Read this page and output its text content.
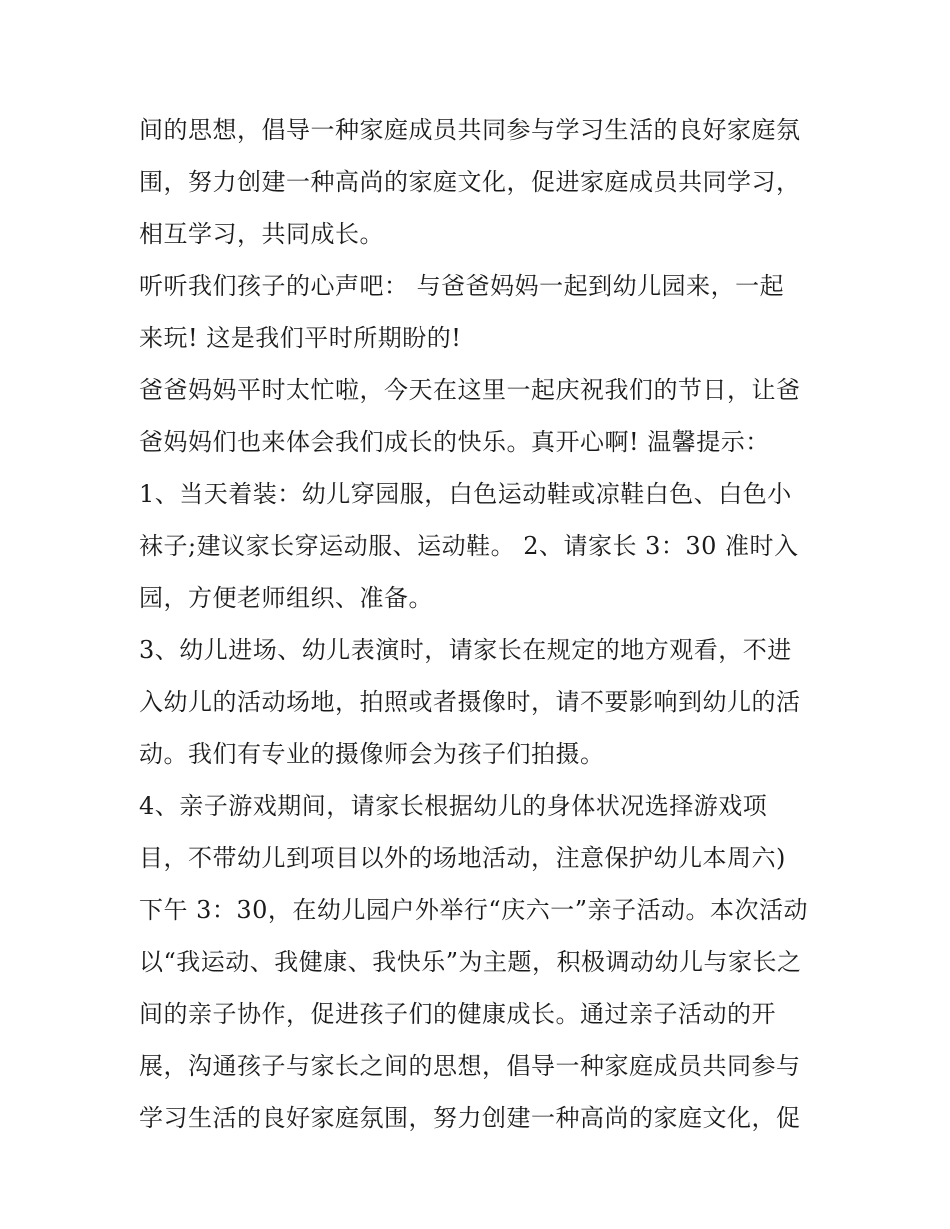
间的思想，倡导一种家庭成员共同参与学习生活的良好家庭氛
围，努力创建一种高尚的家庭文化，促进家庭成员共同学习，
相互学习，共同成长。
听听我们孩子的心声吧： 与爸爸妈妈一起到幼儿园来，一起
来玩! 这是我们平时所期盼的!
爸爸妈妈平时太忙啦，今天在这里一起庆祝我们的节日，让爸
爸妈妈们也来体会我们成长的快乐。真开心啊! 温馨提示：
1、当天着装：幼儿穿园服，白色运动鞋或凉鞋白色、白色小
袜子;建议家长穿运动服、运动鞋。 2、请家长 3：30 准时入
园，方便老师组织、准备。
3、幼儿进场、幼儿表演时，请家长在规定的地方观看，不进
入幼儿的活动场地，拍照或者摄像时，请不要影响到幼儿的活
动。我们有专业的摄像师会为孩子们拍摄。
4、亲子游戏期间，请家长根据幼儿的身体状况选择游戏项
目，不带幼儿到项目以外的场地活动，注意保护幼儿本周六)
下午 3：30，在幼儿园户外举行“庆六一”亲子活动。本次活动
以“我运动、我健康、我快乐”为主题，积极调动幼儿与家长之
间的亲子协作，促进孩子们的健康成长。通过亲子活动的开
展，沟通孩子与家长之间的思想，倡导一种家庭成员共同参与
学习生活的良好家庭氛围，努力创建一种高尚的家庭文化，促
